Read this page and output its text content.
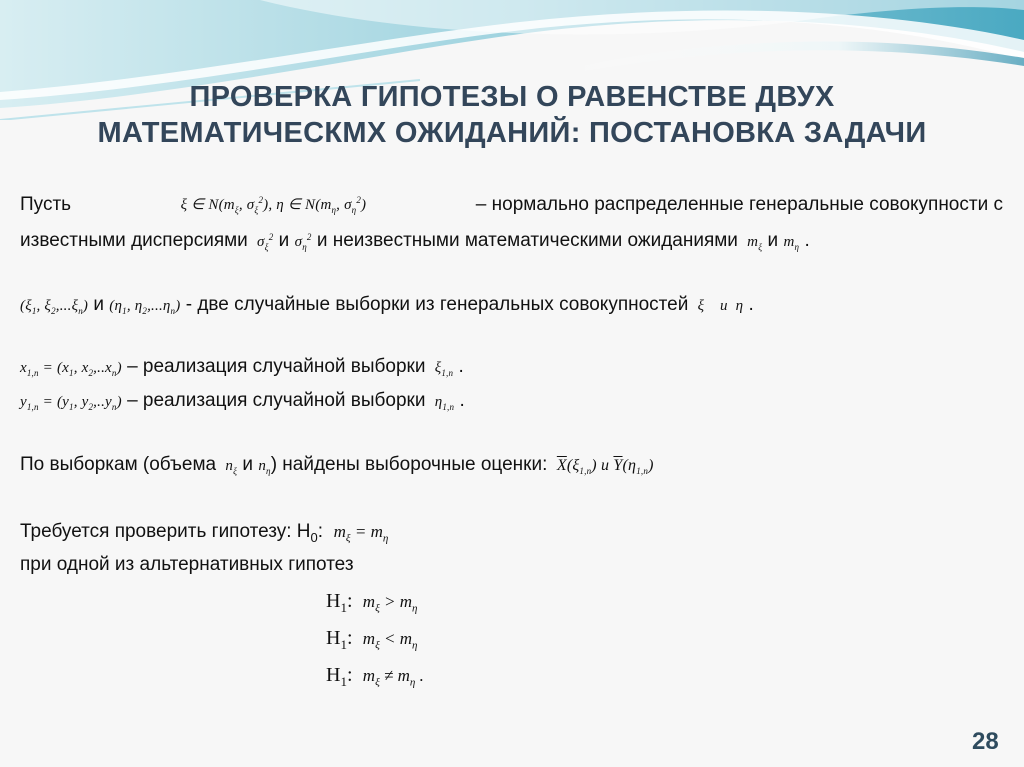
ПРОВЕРКА ГИПОТЕЗЫ О РАВЕНСТВЕ ДВУХ
МАТЕМАТИЧЕСКМХ ОЖИДАНИЙ: ПОСТАНОВКА ЗАДАЧИ
Пусть	ξ ∈ $N(m_\xi$, $\sigma_\xi^2$), η ∈ $N(m_\eta$, $\sigma_\eta^2$)	– нормально распределенные генеральные совокупности с
известными дисперсиями  $\sigma_\xi^2$ и $\sigma_\eta^2$ и неизвестными математическими ожиданиями  $m_\xi$ и $m_\eta$ .
($\xi_1$, $\xi_2,...\xi_n$) и ($\eta_1$, $\eta_2,...\eta_n$) - две случайные выборки из генеральных совокупностей  ξ    и  η .
$x_{1,n} = (x_1$, $x_2,..x_n$) – реализация случайной выборки  $\xi_{1,n}$ .
$y_{1,n} = (y_1$, $y_2,..y_n$) – реализация случайной выборки  $\eta_{1,n}$ .
По выборкам (объема  $n_\xi$ и $n_\eta$) найдены выборочные оценки: $\overline{X}(\xi_{1,n})$ и $\overline{Y}(\eta_{1,n})$
Требуется проверить гипотезу: $H_0$:  $m_\xi = m_\eta$
при одной из альтернативных гипотез
$H_1$:  $m_\xi > m_\eta$
$H_1$:  $m_\xi < m_\eta$
$H_1$:  $m_\xi \ne m_\eta$ .
28
